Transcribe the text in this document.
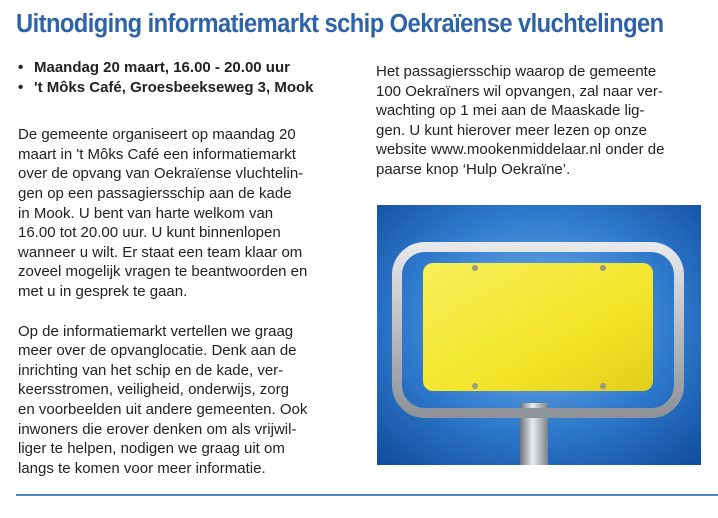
Uitnodiging informatiemarkt schip Oekraïense vluchtelingen
• Maandag 20 maart, 16.00 - 20.00 uur
• 't Môks Café, Groesbeekseweg 3, Mook

De gemeente organiseert op maandag 20
maart in 't Môks Café een informatiemarkt
over de opvang van Oekraïense vluchtelin-
gen op een passagiersschip aan de kade
in Mook. U bent van harte welkom van
16.00 tot 20.00 uur. U kunt binnenlopen
wanneer u wilt. Er staat een team klaar om
zoveel mogelijk vragen te beantwoorden en
met u in gesprek te gaan.

Op de informatiemarkt vertellen we graag
meer over de opvanglocatie. Denk aan de
inrichting van het schip en de kade, ver-
keersstromen, veiligheid, onderwijs, zorg
en voorbeelden uit andere gemeenten. Ook
inwoners die erover denken om als vrijwil-
liger te helpen, nodigen we graag uit om
langs te komen voor meer informatie.

Het passagiersschip waarop de gemeente
100 Oekraïners wil opvangen, zal naar ver-
wachting op 1 mei aan de Maaskade lig-
gen. U kunt hierover meer lezen op onze
website www.mookenmiddelaar.nl onder de
paarse knop ‘Hulp Oekraïne’.
